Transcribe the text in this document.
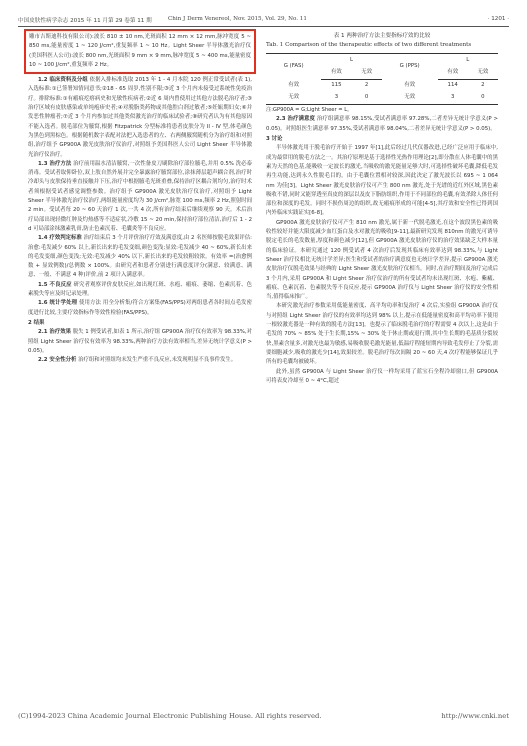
中国皮肤性病学杂志 2015 年 11 月第 29 卷第 11 期	Chin J Derm Venereol, Nov. 2015, Vol. 29, No. 11	· 1201 ·

雕市吉斯迪科技有限公司):波长 810 ± 10 nm,光斑面积 12 mm × 12 mm,脉冲宽度 5 ~ 850 ms,能量密度 1 ~ 120 J/cm²,重复频率 1 ~ 10 Hz。Light Sheer 半导体激光治疗仪(美国科医人公司):波长 800 nm,光斑面积 9 mm × 9 mm,脉冲宽度 5 ~ 400 ms,能量密度 10 ~ 100 J/cm²,重复频率 2 Hz。

1.2 临床资料及分组 依据入排标准选取 2013 年 1 - 4 月本院 120 例正常受试者(表 1),入选标准:①已签署知情同意书;②18 - 65 周岁,性别不限;③近 3 个月内未接受过系统性免疫治疗。排除标准:①有瘢痕疙瘩病史和光敏性疾病者;②近 6 周内曾使用过其他方法脱毛治疗者;③治疗区域有皮肤感染或单纯疱疹史者;④对脱脂类药物或其他腔白剂过敏者;⑤妊娠期妇女;⑥并发恶性肿瘤者;⑦近 3 个月内参加过其他类似激光治疗的临床试验者;⑧研究者认为有其他原因不能入选者。脱毛部位为腋窝,根据 Fitzpatrick 分型标准将患者皮肤分为 II - IV 型,体毛颜色为黑色到黑棕色。根据随机数字表配对法把入选患者的左、右两侧腋窝随机分为治疗组和对照组,治疗组予 GP900A 激光皮肤治疗仪治疗,对照组予美国科医人公司 Light Sheer 半导体激光治疗仪治疗。

1.3 治疗方法 治疗前用温水清洁腋窝,一次性备皮刀刷除治疗部位腋毛,并用 0.5% 洗必泰消毒。受试者取仰卧位,双上肢自然外展并完全暴露治疗腋窝部位,涂抹薄层超声耦合剂,治疗时冷却头与皮肤保持垂直接触并下压,治疗中根据腋毛光斑重叠,保持治疗区耦合剂均匀,治疗时术者须根据受试者感觉调整参数。治疗组予 GP900A 激光皮肤治疗仪治疗,对照组予 Light Sheer 半导体激光治疗仪治疗,两组能量密度均为 30 J/cm²,脉宽 100 ms,频率 2 Hz,照射时间 2 min。受试者每 20 ~ 60 天治疗 1 次,一共 4 次,所有治疗结束后继续观察 90 天。术后治疗局部出现轻微红肿及灼热感等不适症状,冷敷 15 ~ 20 min,保持治疗部位清洁,治疗后 1 - 2 d 可局部涂抹激素乳膏,防止色素沉着、毛囊炎等不良反应。

1.4 疗效判定标准 治疗结束后 3 个月评价治疗疗效及满意度,由 2 名医师按脱毛效果评估:治愈:毛发减少 60% 以上,新长出来的毛发变细,颜色变浅;显效:毛发减少 40 ~ 60%,新长出来的毛发变细,颜色变浅;无效:毛发减少 40% 以下,新长出来的毛发较粗较浓。有效率 =(治愈例数 + 显效例数)/总例数 × 100%。由研究者和患者分别进行满意度评分(满意、较满意、满意、一般、不满意 4 种)评价,前 2 项计入满意率。

1.5 不良反应 研究者观察评价皮肤反应,如出现红斑、水疱、瘢痕、萎缩、色素沉着、色素脱失等应及时记录处理。

1.6 统计学处理 使用方法 用全分析集/符合方案集(FAS/PPS)对两组患者各时间点毛发密度进行比较,主要疗效指标作等效性检验(FAS/PPS)。

2 结果

2.1 治疗效果 脱失 1 例受试者,如表 1 所示,治疗组 GP900A 治疗仪有效率为 98.33%,对照组 Light Sheer 治疗仪有效率为 98.33%,两种治疗方法有效率相当,差异无统计学意义(P > 0.05)。

2.2 安全性分析 治疗组和对照组均未发生严重不良反应,未发现明显不良事件发生。

表 1 两种治疗方法主要指标疗效的比较
Tab. 1 Comparison of the therapeutic effects of two different treatments
G (FAS)	L		G (PPS)	L	
	有效	无效		有效	无效
有效	115	2	有效	114	2
无效	3	0	无效	3	0
注:GP900A = G;Light Sheer = L。

2.3 治疗满意度 治疗组满意率 98.15%,受试者满意率 97.28%,二者差异无统计学意义(P > 0.05)。对照组医生满意率 97.35%,受试者满意率 98.04%,二者差异无统计学意义(P > 0.05)。

3 讨论

半导体激光用于脱毛治疗开始于 1997 年[1],此后经过几代仪器改进,已经广泛应用于临床中,成为最常用的脱毛方法之一。其治疗原理是基于选择性光热作用理论[2],即分散在人体毛囊中的黑素为天然的色基,能吸收一定波长的激光,当吸收的激光能量足够大时,可选择性破坏毛囊,降低毛发再生功能,达到永久性脱毛目的。由于毛囊位置相对较深,因此决定了激光波长以 695 ~ 1 064 nm 为佳[3]。Light Sheer 激光皮肤治疗仪可产生 800 nm 激光,处于光谱的近红外区域,黑色素吸收不错,同时又能穿透至真皮的深层以及皮下脂肪组织,作用于不同部位的毛囊,有效杀除人体任何部位和深度的毛发。同时不损伤周边的组织,故无瘢痕形成的可能[4-5],其疗效和安全性已得到国内外临床实践证实[6-8]。

GP900A 激光皮肤治疗仪可产生 810 nm 激光,属于新一代脱毛激光,在这个波段黑色素的吸收性较好并能大限度减少血红蛋白及水对激光的吸收[9-11],最新研究发现 810nm 的激光可诱导脱定毛长的毛发数量,厚度和颜色减少[12],但 GP900A 激光皮肤治疗仪的治疗效果缺乏大样本量的临床验证。本研究通过 120 例受试者 4 次治疗后发现其临床有效率达到 98.33%,与 Light Sheer 治疗仪相比无统计学差异;医生和受试者的治疗满意度也无统计学差异,提示 GP900A 激光皮肤治疗仪脱毛效果与经典的 Light Sheer 激光皮肤治疗仪相当。同时,在治疗期间及治疗完成后 3 个月内,采用 GP900A 和 Light Sheer 治疗仪治疗的所有受试者均未出现红斑、水疱、紫癜、瘢痕、色素沉着、色素脱失等不良反应,提示 GP900A 治疗仪与 Light Sheer 治疗仪的安全性相当,值得临床推广。

本研究激光治疗参数采用低能量密度、高平均功率和复治疗 4 次后,实验组 GP900A 治疗仪与对照组 Light Sheer 治疗仪的有效率均达到 98% 以上,提示在低能量密度和高平均功率下使用一根较激光器是一种有效的脱毛方法[13]。也提示了临床脱毛治疗的疗程需要 4 次以上,这是由于毛发的 70% ~ 85% 处于生长期,15% ~ 30% 处于休止期或退行期,其中生长期的毛基质分裂较快,黑素含量多,对激光也最为敏感,易吸收脱毛激光能量,低温疗程能短期内导致毛发停止了分裂,需要细胞减少,吸收的激光少[14],效果较差。脱毛治疗每次间隔 20 ~ 60 天,4 次疗程能够保证几乎所有的毛囊均被破坏。

此外,虽然 GP900A 与 Light Sheer 治疗仪一样均采用了蓝宝石全程冷却窗口,但 GP900A 可将表皮冷却至 0 ~ 4°C,超过

(C)1994-2023 China Academic Journal Electronic Publishing House. All rights reserved.	http://www.cnki.net
